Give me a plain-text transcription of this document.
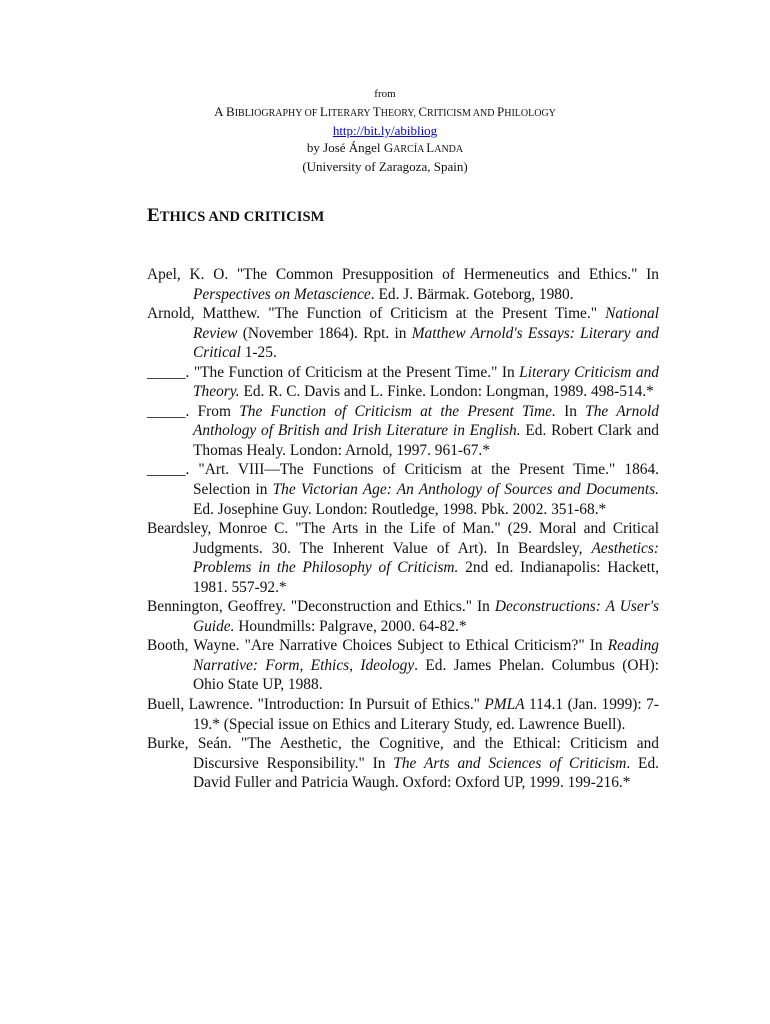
from
A BIBLIOGRAPHY OF LITERARY THEORY, CRITICISM AND PHILOLOGY
http://bit.ly/abibliog
by José Ángel GARCÍA LANDA
(University of Zaragoza, Spain)
ETHICS AND CRITICISM
Apel, K. O. "The Common Presupposition of Hermeneutics and Ethics." In Perspectives on Metascience. Ed. J. Bärmak. Goteborg, 1980.
Arnold, Matthew. "The Function of Criticism at the Present Time." National Review (November 1864). Rpt. in Matthew Arnold's Essays: Literary and Critical 1-25.
_____. "The Function of Criticism at the Present Time." In Literary Criticism and Theory. Ed. R. C. Davis and L. Finke. London: Longman, 1989. 498-514.*
_____. From The Function of Criticism at the Present Time. In The Arnold Anthology of British and Irish Literature in English. Ed. Robert Clark and Thomas Healy. London: Arnold, 1997. 961-67.*
_____. "Art. VIII—The Functions of Criticism at the Present Time." 1864. Selection in The Victorian Age: An Anthology of Sources and Documents. Ed. Josephine Guy. London: Routledge, 1998. Pbk. 2002. 351-68.*
Beardsley, Monroe C. "The Arts in the Life of Man." (29. Moral and Critical Judgments. 30. The Inherent Value of Art). In Beardsley, Aesthetics: Problems in the Philosophy of Criticism. 2nd ed. Indianapolis: Hackett, 1981. 557-92.*
Bennington, Geoffrey. "Deconstruction and Ethics." In Deconstructions: A User's Guide. Houndmills: Palgrave, 2000. 64-82.*
Booth, Wayne. "Are Narrative Choices Subject to Ethical Criticism?" In Reading Narrative: Form, Ethics, Ideology. Ed. James Phelan. Columbus (OH): Ohio State UP, 1988.
Buell, Lawrence. "Introduction: In Pursuit of Ethics." PMLA 114.1 (Jan. 1999): 7-19.* (Special issue on Ethics and Literary Study, ed. Lawrence Buell).
Burke, Seán. "The Aesthetic, the Cognitive, and the Ethical: Criticism and Discursive Responsibility." In The Arts and Sciences of Criticism. Ed. David Fuller and Patricia Waugh. Oxford: Oxford UP, 1999. 199-216.*
